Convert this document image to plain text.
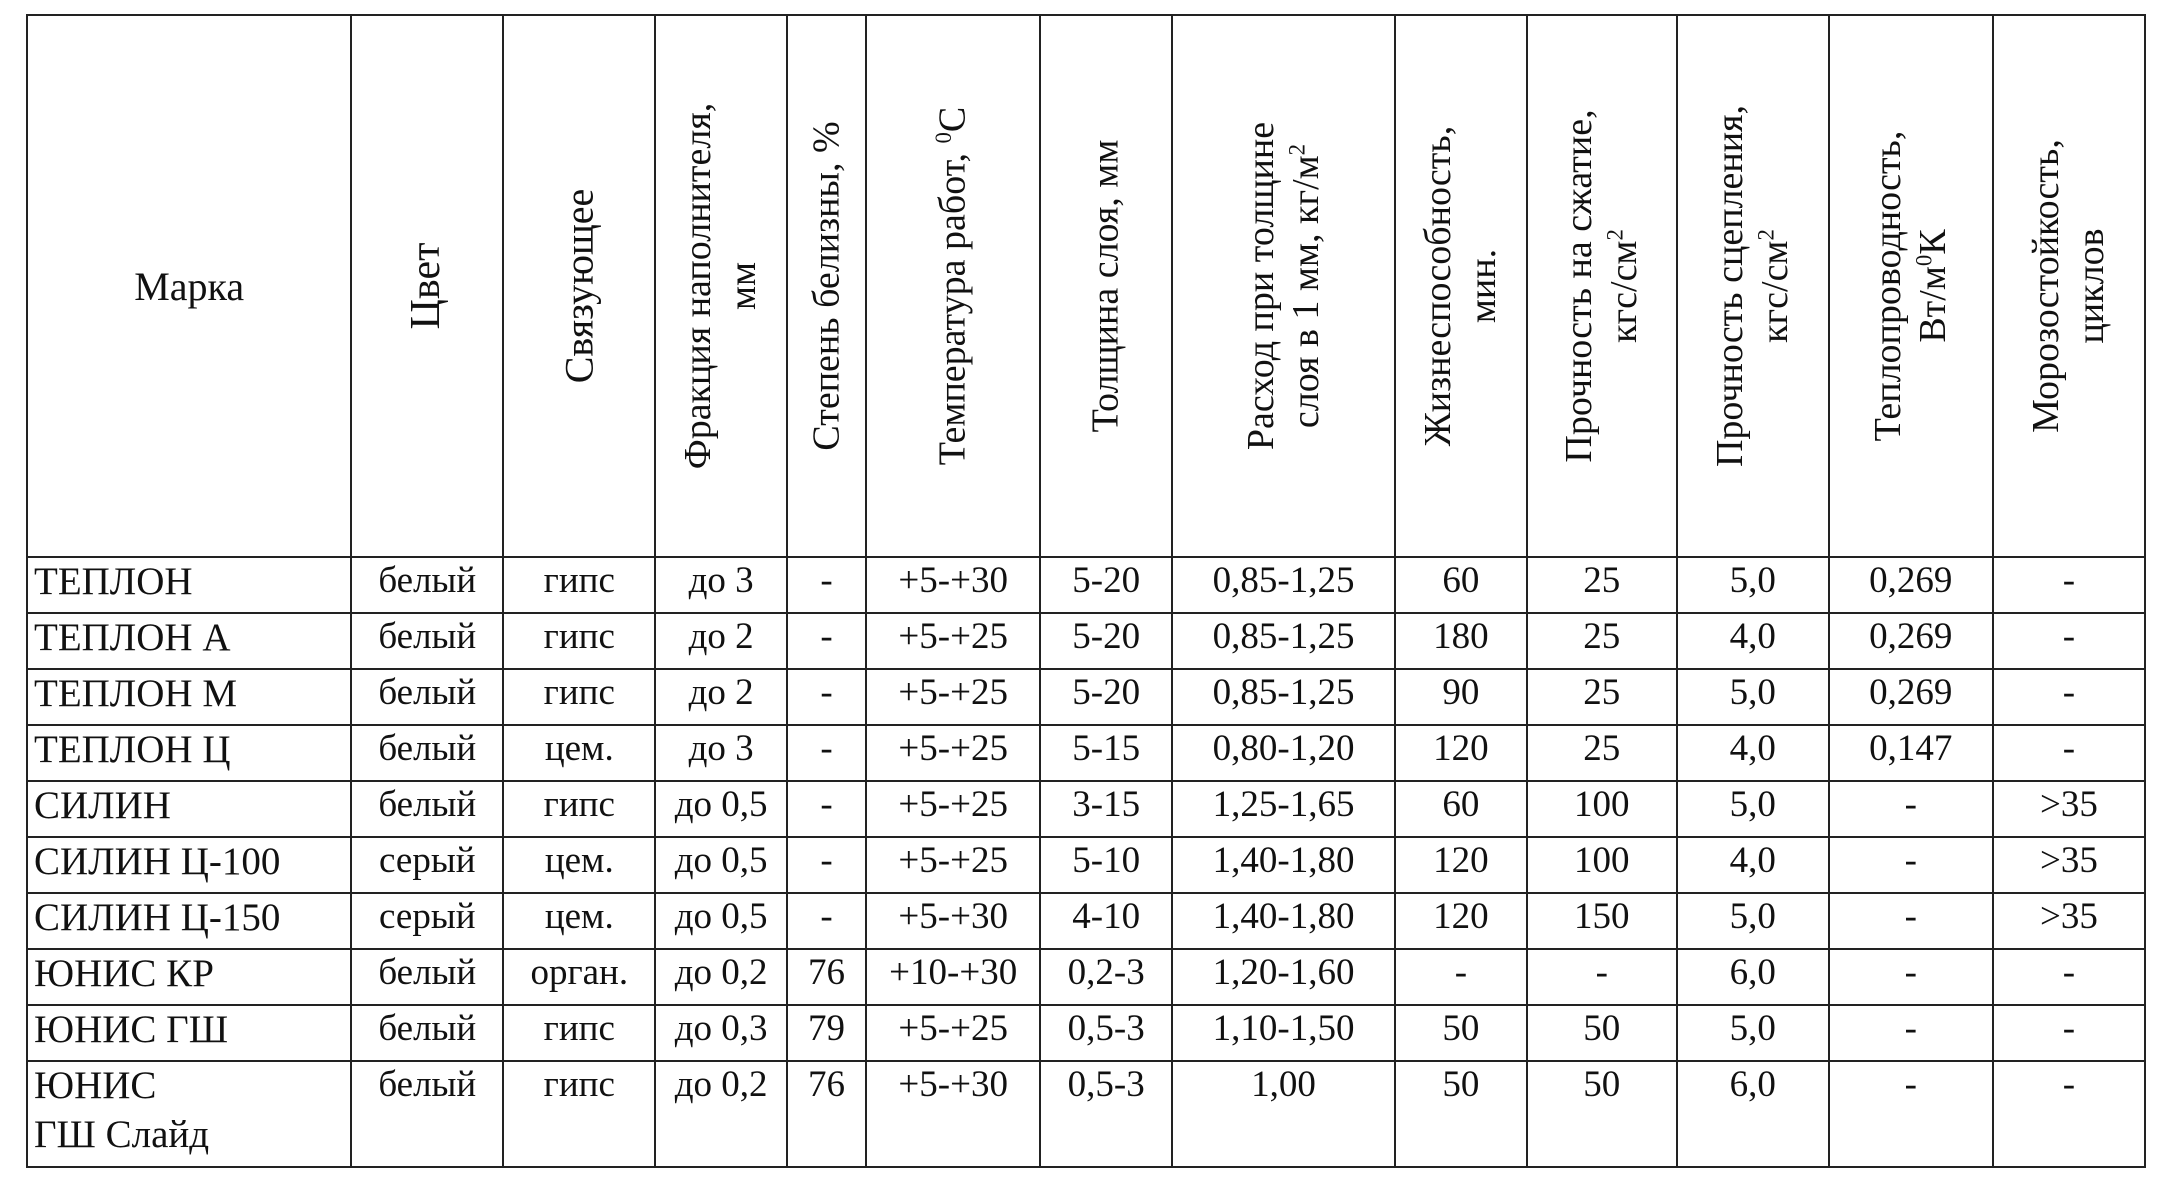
Марка	Цвет	Связующее	Фракция наполнителя, мм	Степень белизны, %	Температура работ, $^0$С	Толщина слоя, мм	Расход при толщине слоя в 1 мм, $кг/м^2$	Жизнеспособность, мин.	Прочность на сжатие, кгс/$см^2$	Прочность сцепления, кгс/$см^2$	Теплопроводность, $Вт/м^0К$	Морозостойкость, циклов

ТЕПЛОН	белый	гипс	до 3	-	+5-+30	5-20	0,85-1,25	60	25	5,0	0,269	-
ТЕПЛОН А	белый	гипс	до 2	-	+5-+25	5-20	0,85-1,25	180	25	4,0	0,269	-
ТЕПЛОН М	белый	гипс	до 2	-	+5-+25	5-20	0,85-1,25	90	25	5,0	0,269	-
ТЕПЛОН Ц	белый	цем.	до 3	-	+5-+25	5-15	0,80-1,20	120	25	4,0	0,147	-
СИЛИН	белый	гипс	до 0,5	-	+5-+25	3-15	1,25-1,65	60	100	5,0	-	>35
СИЛИН Ц-100	серый	цем.	до 0,5	-	+5-+25	5-10	1,40-1,80	120	100	4,0	-	>35
СИЛИН Ц-150	серый	цем.	до 0,5	-	+5-+30	4-10	1,40-1,80	120	150	5,0	-	>35
ЮНИС КР	белый	орган.	до 0,2	76	+10-+30	0,2-3	1,20-1,60	-	-	6,0	-	-
ЮНИС ГШ	белый	гипс	до 0,3	79	+5-+25	0,5-3	1,10-1,50	50	50	5,0	-	-
ЮНИС
ГШ Слайд	белый	гипс	до 0,2	76	+5-+30	0,5-3	1,00	50	50	6,0	-	-
